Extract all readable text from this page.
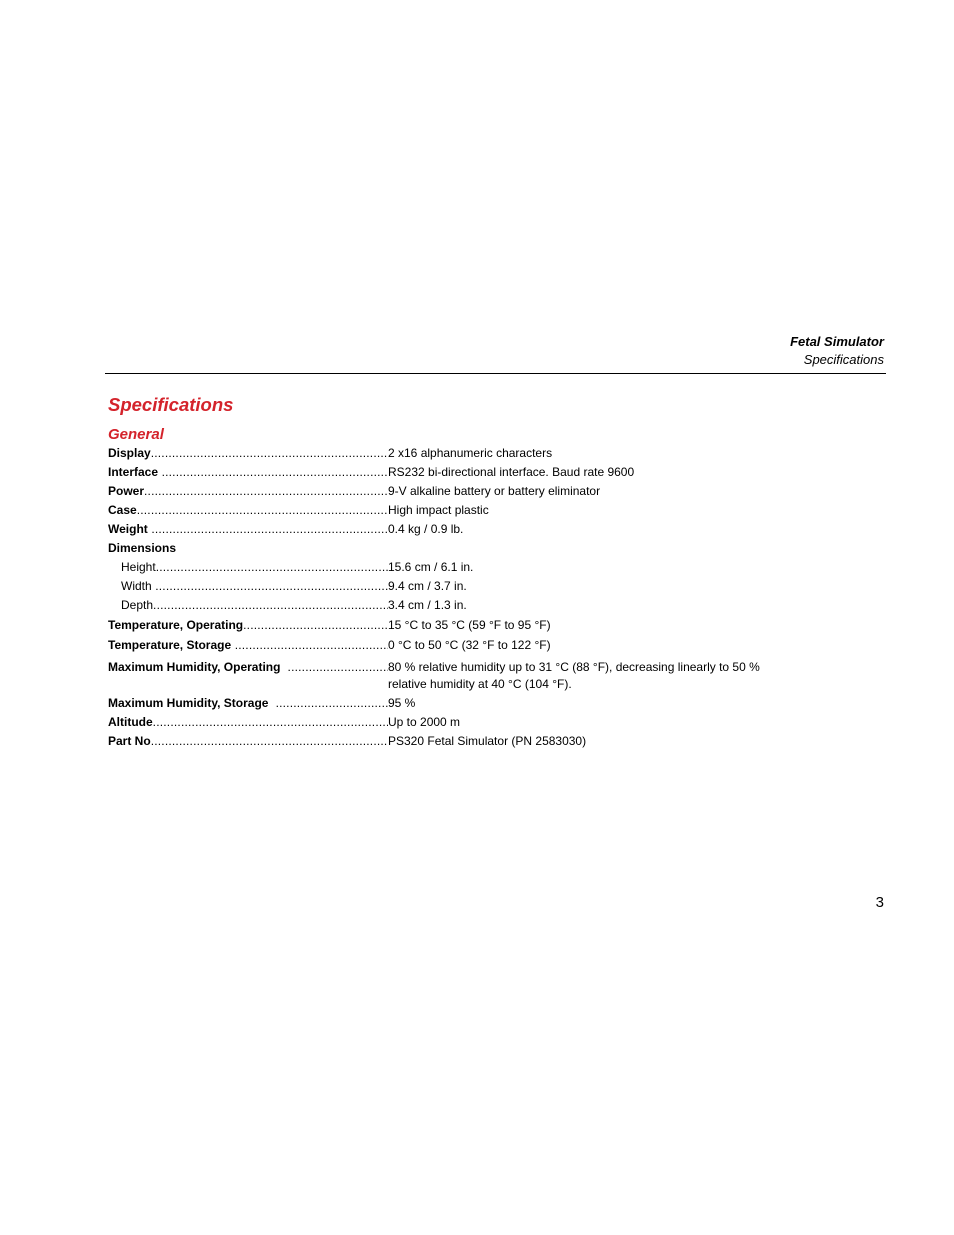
Fetal Simulator
Specifications
Specifications
General
Display .....	2 x16 alphanumeric characters
Interface .....	RS232 bi-directional interface. Baud rate 9600
Power .....	9-V alkaline battery or battery eliminator
Case .....	High impact plastic
Weight .....	0.4 kg / 0.9 lb.
Dimensions
Height .....	15.6 cm / 6.1 in.
Width .....	9.4 cm / 3.7 in.
Depth .....	3.4 cm / 1.3 in.
Temperature, Operating .....	15 °C to 35 °C (59 °F to 95 °F)
Temperature, Storage .....	0 °C to 50 °C (32 °F to 122 °F)
Maximum Humidity, Operating .....	80 % relative humidity up to 31 °C (88 °F), decreasing linearly to 50 % relative humidity at 40 °C (104 °F).
Maximum Humidity, Storage .....	95 %
Altitude .....	Up to 2000 m
Part No .....	PS320 Fetal Simulator (PN 2583030)
3
